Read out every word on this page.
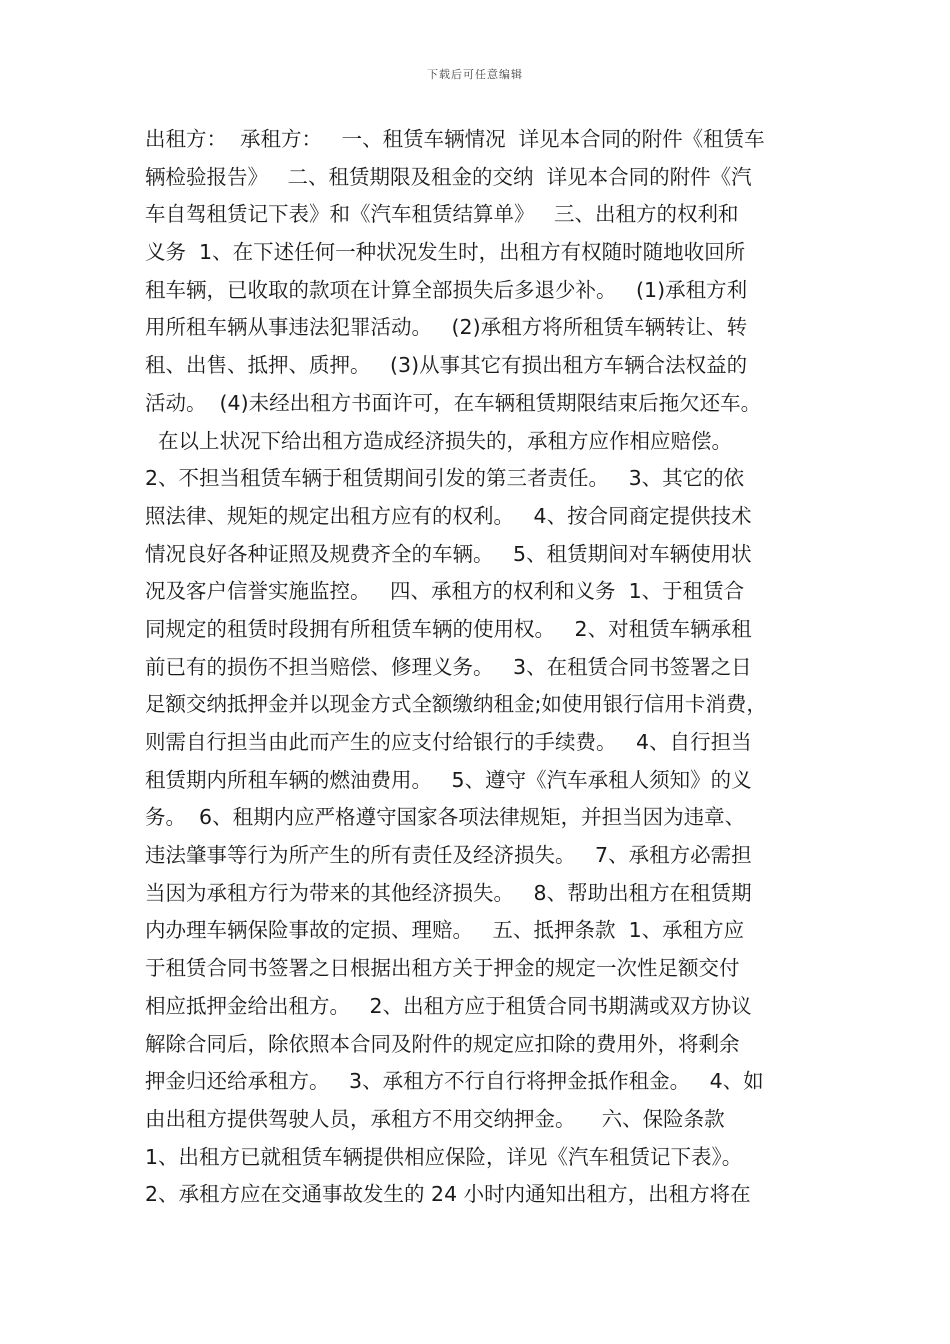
下载后可任意编辑
出租方：  承租方：   一、租赁车辆情况  详见本合同的附件《租赁车
辆检验报告》   二、租赁期限及租金的交纳  详见本合同的附件《汽
车自驾租赁记下表》和《汽车租赁结算单》   三、出租方的权利和
义务  1、在下述任何一种状况发生时，出租方有权随时随地收回所
租车辆，已收取的款项在计算全部损失后多退少补。   (1)承租方利
用所租车辆从事违法犯罪活动。   (2)承租方将所租赁车辆转让、转
租、出售、抵押、质押。   (3)从事其它有损出租方车辆合法权益的
活动。  (4)未经出租方书面许可，在车辆租赁期限结束后拖欠还车。
在以上状况下给出租方造成经济损失的，承租方应作相应赔偿。
2、不担当租赁车辆于租赁期间引发的第三者责任。   3、其它的依
照法律、规矩的规定出租方应有的权利。   4、按合同商定提供技术
情况良好各种证照及规费齐全的车辆。   5、租赁期间对车辆使用状
况及客户信誉实施监控。   四、承租方的权利和义务  1、于租赁合
同规定的租赁时段拥有所租赁车辆的使用权。   2、对租赁车辆承租
前已有的损伤不担当赔偿、修理义务。   3、在租赁合同书签署之日
足额交纳抵押金并以现金方式全额缴纳租金;如使用银行信用卡消费，
则需自行担当由此而产生的应支付给银行的手续费。   4、自行担当
租赁期内所租车辆的燃油费用。   5、遵守《汽车承租人须知》的义
务。  6、租期内应严格遵守国家各项法律规矩，并担当因为违章、
违法肇事等行为所产生的所有责任及经济损失。   7、承租方必需担
当因为承租方行为带来的其他经济损失。   8、帮助出租方在租赁期
内办理车辆保险事故的定损、理赔。   五、抵押条款  1、承租方应
于租赁合同书签署之日根据出租方关于押金的规定一次性足额交付
相应抵押金给出租方。   2、出租方应于租赁合同书期满或双方协议
解除合同后，除依照本合同及附件的规定应扣除的费用外，将剩余
押金归还给承租方。   3、承租方不行自行将押金抵作租金。   4、如
由出租方提供驾驶人员，承租方不用交纳押金。    六、保险条款
1、出租方已就租赁车辆提供相应保险，详见《汽车租赁记下表》。
2、承租方应在交通事故发生的 24 小时内通知出租方，出租方将在
